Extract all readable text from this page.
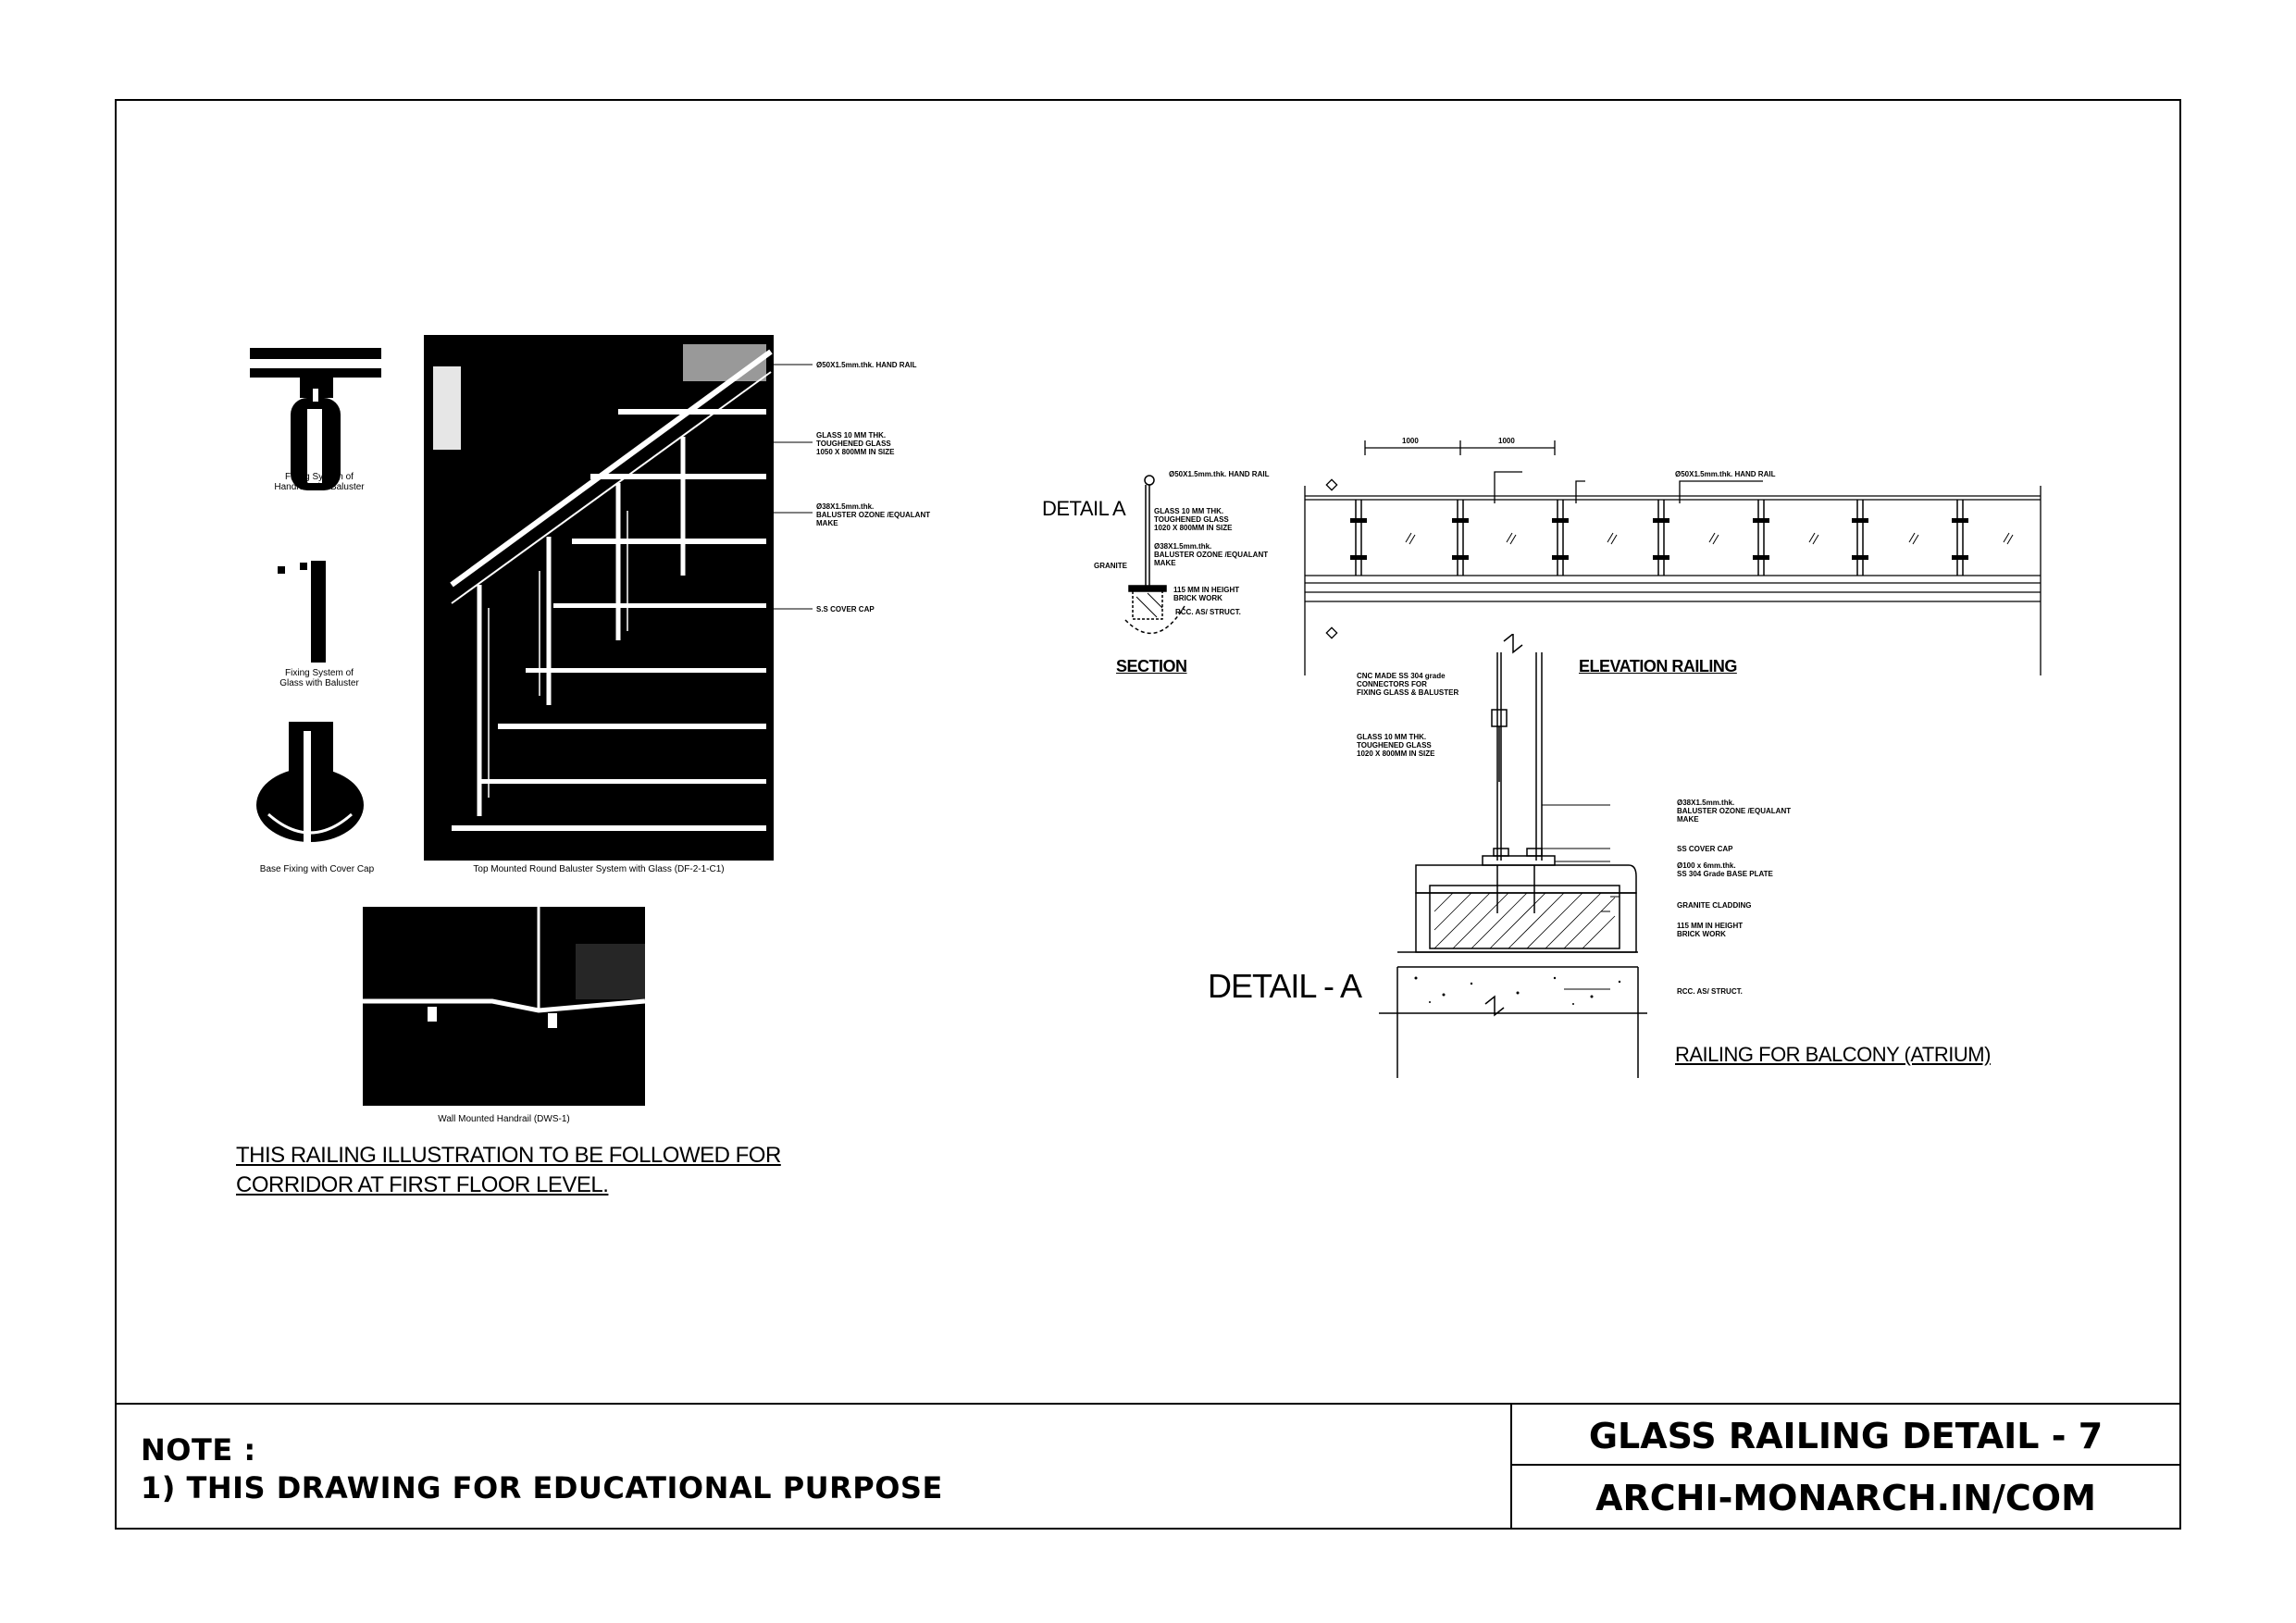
NOTE :
1) THIS DRAWING FOR EDUCATIONAL PURPOSE
GLASS RAILING DETAIL - 7
ARCHI-MONARCH.IN/COM
Fixing System of
Handrail with Baluster
Fixing System of
Glass with Baluster
Base Fixing with Cover Cap	Top Mounted Round Baluster System with Glass (DF-2-1-C1)
Ø50X1.5mm.thk. HAND RAIL
GLASS 10 MM THK.
TOUGHENED GLASS
1050 X 800MM IN SIZE
Ø38X1.5mm.thk.
BALUSTER OZONE /EQUALANT
MAKE
S.S COVER CAP
Wall Mounted Handrail (DWS-1)
THIS RAILING ILLUSTRATION TO BE FOLLOWED FOR
CORRIDOR AT FIRST FLOOR LEVEL.
DETAIL A
Ø50X1.5mm.thk. HAND RAIL
GLASS 10 MM THK.
TOUGHENED GLASS
1020 X 800MM IN SIZE
Ø38X1.5mm.thk.
BALUSTER OZONE /EQUALANT
MAKE
GRANITE
115 MM IN HEIGHT
BRICK WORK
RCC. AS/ STRUCT.
SECTION
1000	1000
Ø50X1.5mm.thk. HAND RAIL
ELEVATION RAILING
CNC MADE SS 304 grade
CONNECTORS FOR
FIXING GLASS & BALUSTER
GLASS 10 MM THK.
TOUGHENED GLASS
1020 X 800MM IN SIZE
Ø38X1.5mm.thk.
BALUSTER OZONE /EQUALANT
MAKE
SS COVER CAP
Ø100 x 6mm.thk.
SS 304 Grade BASE PLATE
GRANITE CLADDING
115 MM IN HEIGHT
BRICK WORK
RCC. AS/ STRUCT.
DETAIL - A
RAILING FOR BALCONY (ATRIUM)
